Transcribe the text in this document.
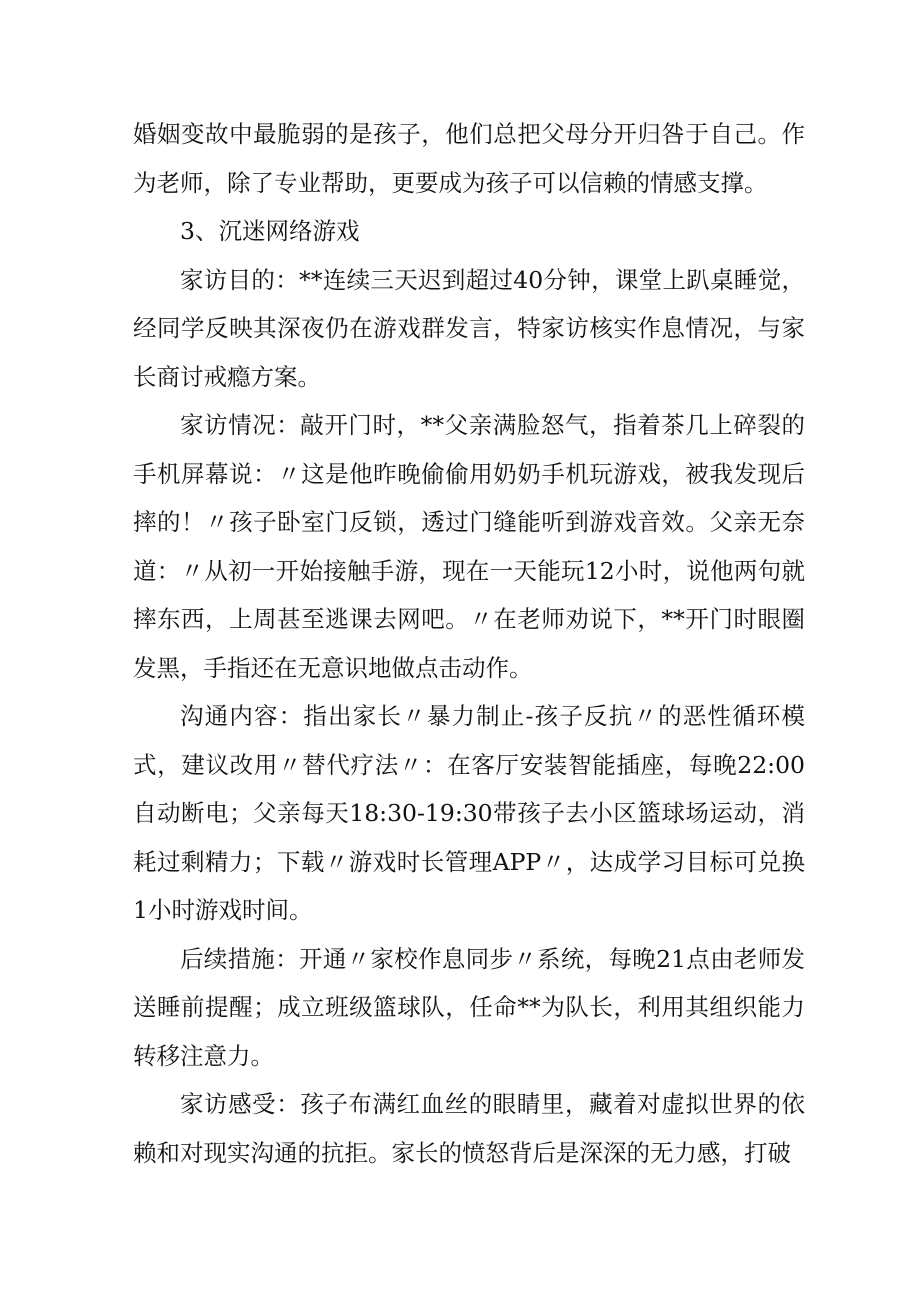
婚姻变故中最脆弱的是孩子，他们总把父母分开归咎于自己。作为老师，除了专业帮助，更要成为孩子可以信赖的情感支撑。

3、沉迷网络游戏

家访目的：**连续三天迟到超过40分钟，课堂上趴桌睡觉，经同学反映其深夜仍在游戏群发言，特家访核实作息情况，与家长商讨戒瘾方案。

家访情况：敲开门时，**父亲满脸怒气，指着茶几上碎裂的手机屏幕说：〃这是他昨晚偷偷用奶奶手机玩游戏，被我发现后摔的！〃孩子卧室门反锁，透过门缝能听到游戏音效。父亲无奈道：〃从初一开始接触手游，现在一天能玩12小时，说他两句就摔东西，上周甚至逃课去网吧。〃在老师劝说下，**开门时眼圈发黑，手指还在无意识地做点击动作。

沟通内容：指出家长〃暴力制止-孩子反抗〃的恶性循环模式，建议改用〃替代疗法〃：在客厅安装智能插座，每晚22:00自动断电；父亲每天18:30-19:30带孩子去小区篮球场运动，消耗过剩精力；下载〃游戏时长管理APP〃，达成学习目标可兑换1小时游戏时间。

后续措施：开通〃家校作息同步〃系统，每晚21点由老师发送睡前提醒；成立班级篮球队，任命**为队长，利用其组织能力转移注意力。

家访感受：孩子布满红血丝的眼睛里，藏着对虚拟世界的依赖和对现实沟通的抗拒。家长的愤怒背后是深深的无力感，打破
